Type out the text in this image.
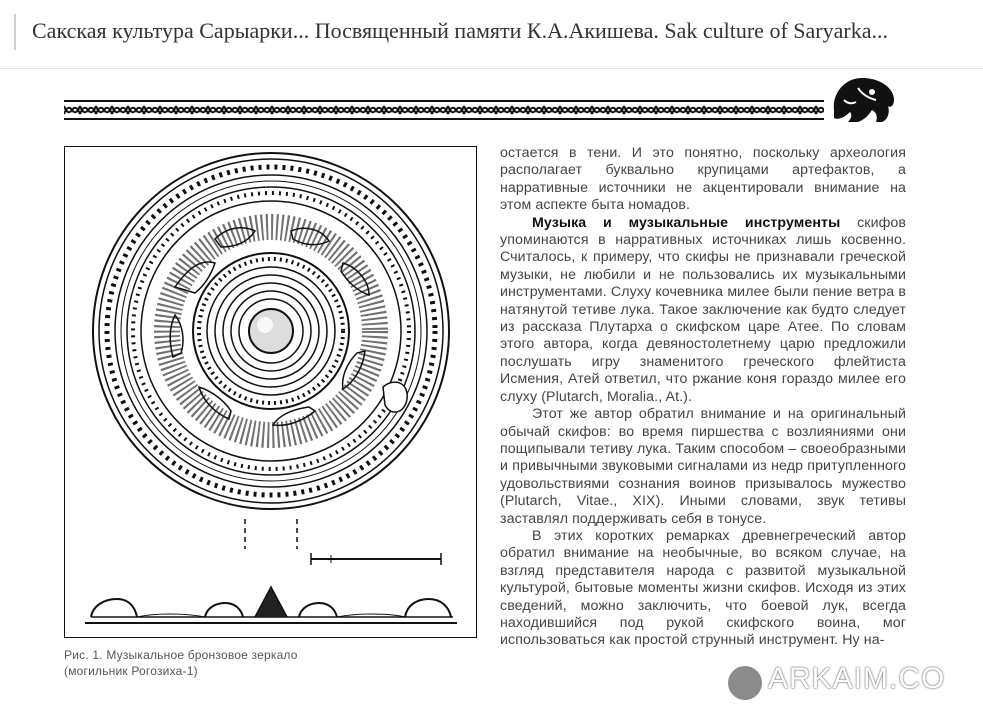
Сакская культура Сарыарки... Посвященный памяти К.А.Акишева. Sak culture of Saryarka...
Рис. 1. Музыкальное бронзовое зеркало
(могильник Рогозиха-1)

остается в тени. И это понятно, поскольку археология располагает буквально крупицами артефактов, а нарративные источники не акцентировали внимание на этом аспекте быта номадов.

Музыка и музыкальные инструменты скифов упоминаются в нарративных источниках лишь косвенно. Считалось, к примеру, что скифы не признавали греческой музыки, не любили и не пользовались их музыкальными инструментами. Слуху кочевника милее были пение ветра в натянутой тетиве лука. Такое заключение как будто следует из рассказа Плутарха о скифском царе Атее. По словам этого автора, когда девяностолетнему царю предложили послушать игру знаменитого греческого флейтиста Исмения, Атей ответил, что ржание коня гораздо милее его слуху (Plutarch, Moralia., At.).

Этот же автор обратил внимание и на оригинальный обычай скифов: во время пиршества с возлияниями они пощипывали тетиву лука. Таким способом – своеобразными и привычными звуковыми сигналами из недр притупленного удовольствиями сознания воинов призывалось мужество (Plutarch, Vitae., XIX). Иными словами, звук тетивы заставлял поддерживать себя в тонусе.

В этих коротких ремарках древнегреческий автор обратил внимание на необычные, во всяком случае, на взгляд представителя народа с развитой музыкальной культурой, бытовые моменты жизни скифов. Исходя из этих сведений, можно заключить, что боевой лук, всегда находившийся под рукой скифского воина, мог использоваться как простой струнный инструмент. Ну на-

ARKAIM.CO
